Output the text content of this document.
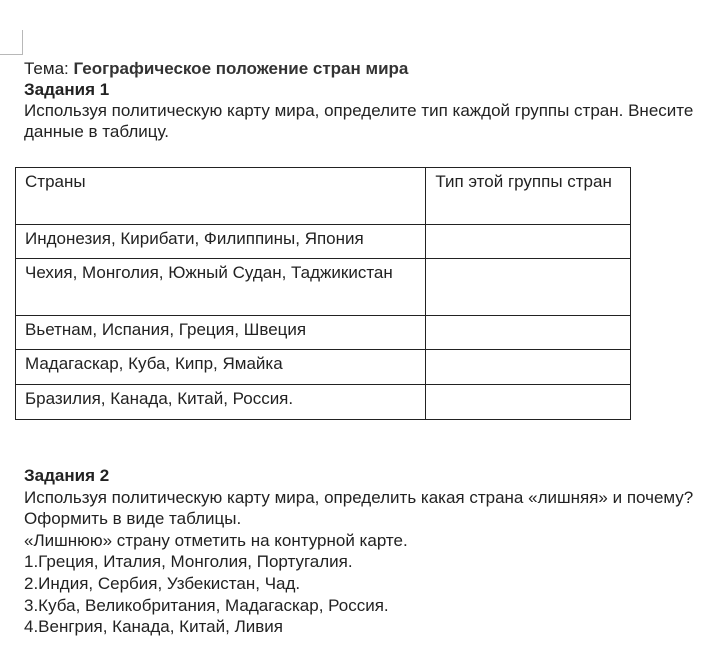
Тема: Географическое положение стран мира

Задания 1

Используя политическую карту мира, определите тип каждой группы стран. Внесите данные в таблицу.

Страны	Тип этой группы стран
Индонезия, Кирибати, Филиппины, Япония	
Чехия, Монголия, Южный Судан, Таджикистан	
Вьетнам, Испания, Греция, Швеция	
Мадагаскар, Куба, Кипр, Ямайка	
Бразилия, Канада, Китай, Россия.	

Задания 2

Используя политическую карту мира, определить какая страна «лишняя» и почему? Оформить в виде таблицы.

«Лишнюю» страну отметить на контурной карте.

1.Греция, Италия, Монголия, Португалия.

2.Индия, Сербия, Узбекистан, Чад.

3.Куба, Великобритания, Мадагаскар, Россия.

4.Венгрия, Канада, Китай, Ливия
